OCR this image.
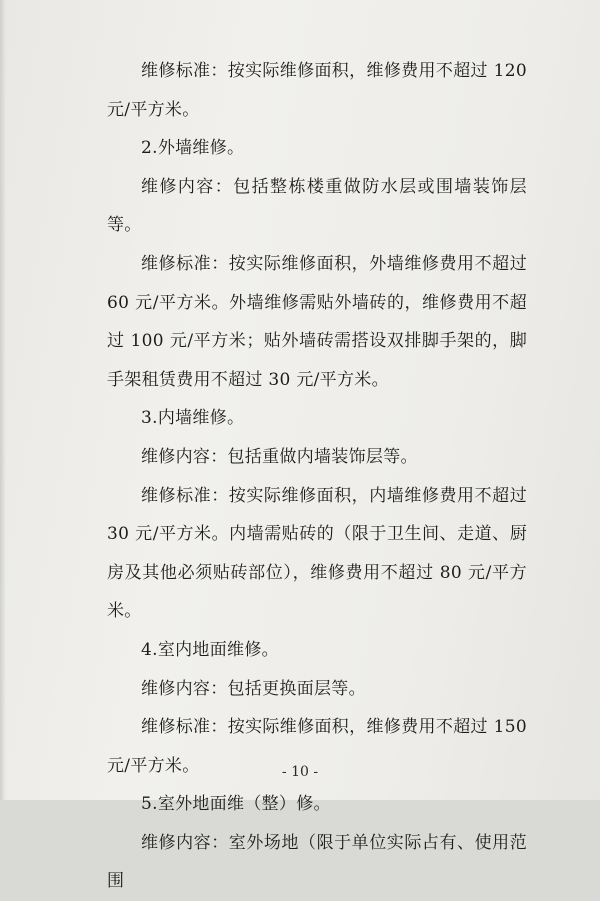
维修标准：按实际维修面积，维修费用不超过 120 元/平方米。

2.外墙维修。

维修内容：包括整栋楼重做防水层或围墙装饰层等。

维修标准：按实际维修面积，外墙维修费用不超过 60 元/平方米。外墙维修需贴外墙砖的，维修费用不超过 100 元/平方米；贴外墙砖需搭设双排脚手架的，脚手架租赁费用不超过 30 元/平方米。

3.内墙维修。

维修内容：包括重做内墙装饰层等。

维修标准：按实际维修面积，内墙维修费用不超过 30 元/平方米。内墙需贴砖的（限于卫生间、走道、厨房及其他必须贴砖部位），维修费用不超过 80 元/平方米。

4.室内地面维修。

维修内容：包括更换面层等。

维修标准：按实际维修面积，维修费用不超过 150 元/平方米。

5.室外地面维（整）修。

维修内容：室外场地（限于单位实际占有、使用范围

- 10 -
